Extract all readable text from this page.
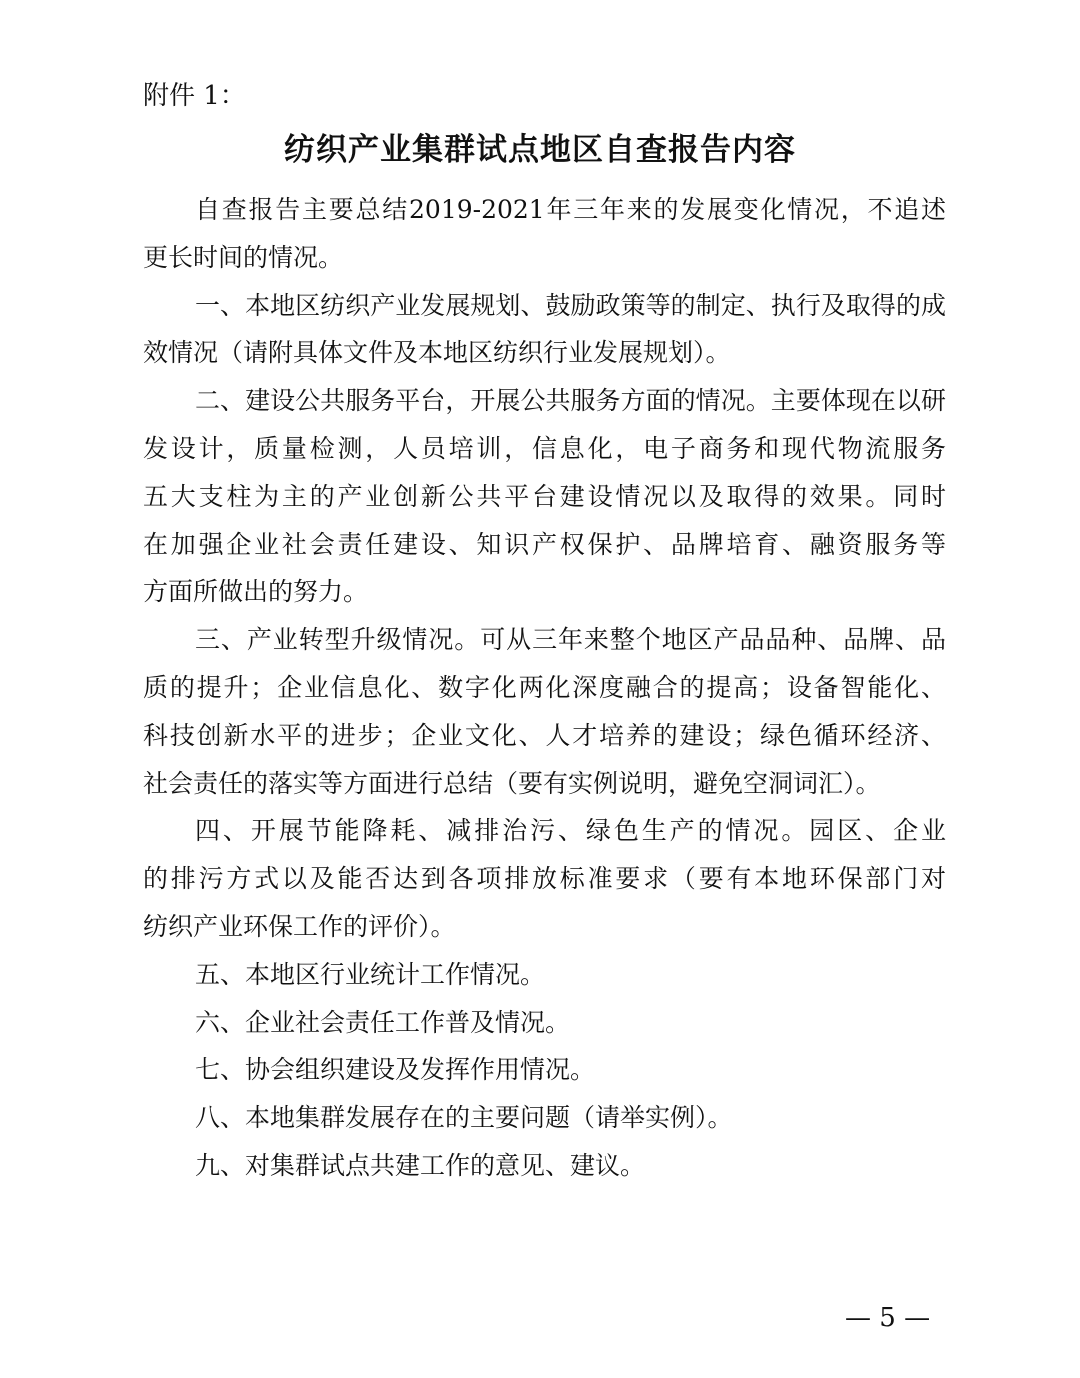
附件 1：
纺织产业集群试点地区自查报告内容
自查报告主要总结2019-2021年三年来的发展变化情况，不追述
更长时间的情况。
一、本地区纺织产业发展规划、鼓励政策等的制定、执行及取得的成
效情况（请附具体文件及本地区纺织行业发展规划）。
二、建设公共服务平台，开展公共服务方面的情况。主要体现在以研
发设计，质量检测，人员培训，信息化，电子商务和现代物流服务
五大支柱为主的产业创新公共平台建设情况以及取得的效果。同时
在加强企业社会责任建设、知识产权保护、品牌培育、融资服务等
方面所做出的努力。
三、产业转型升级情况。可从三年来整个地区产品品种、品牌、品
质的提升；企业信息化、数字化两化深度融合的提高；设备智能化、
科技创新水平的进步；企业文化、人才培养的建设；绿色循环经济、
社会责任的落实等方面进行总结（要有实例说明，避免空洞词汇）。
四、开展节能降耗、减排治污、绿色生产的情况。园区、企业
的排污方式以及能否达到各项排放标准要求（要有本地环保部门对
纺织产业环保工作的评价）。
五、本地区行业统计工作情况。
六、企业社会责任工作普及情况。
七、协会组织建设及发挥作用情况。
八、本地集群发展存在的主要问题（请举实例）。
九、对集群试点共建工作的意见、建议。
— 5 —
